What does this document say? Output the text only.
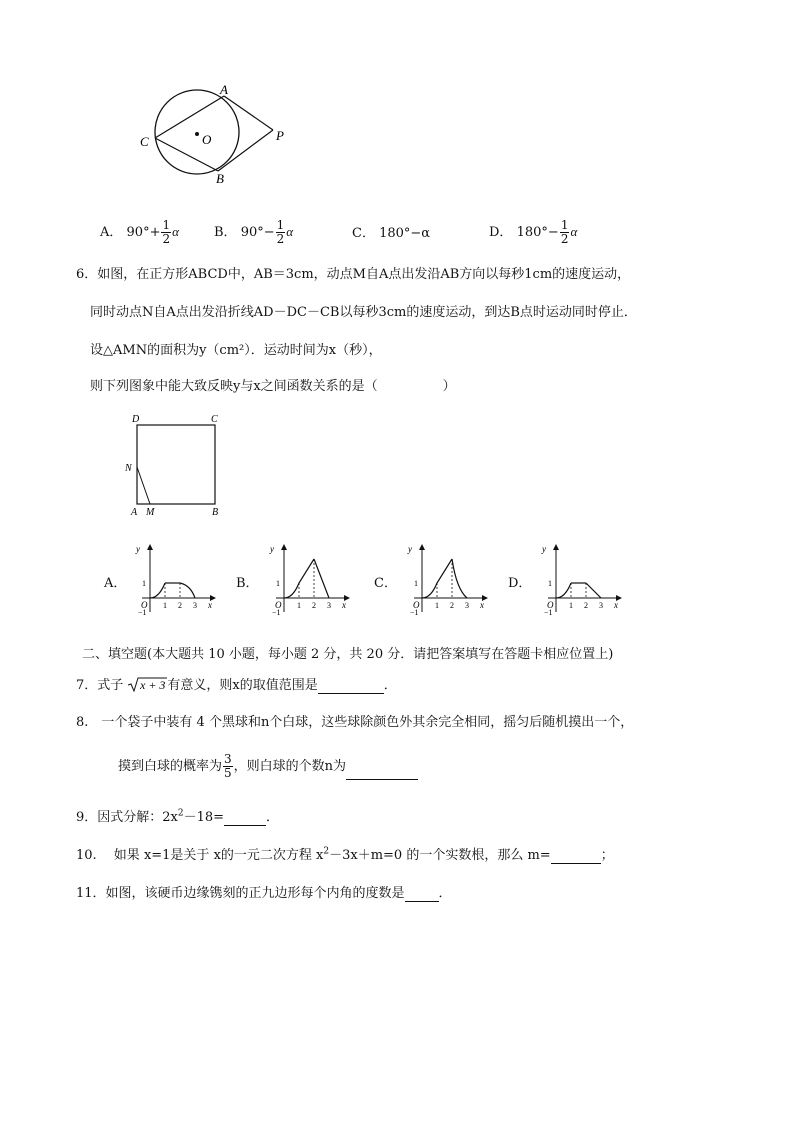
A
C	O	P
B
A． $90^\circ+ \frac{1}{2}$ α	B． $90^\circ- \frac{1}{2}$ α	C． 180°−α	D． $180^\circ- \frac{1}{2}$ α
6．如图，在正方形ABCD中，AB＝3cm，动点M自A点出发沿AB方向以每秒1cm的速度运动，
同时动点N自A点出发沿折线AD－DC－CB以每秒3cm的速度运动，到达B点时运动同时停止．
设△AMN的面积为y（cm²）．运动时间为x（秒），
则下列图象中能大致反映y与x之间函数关系的是（　　　　　）
D	C
N
A M	B
A．	B．	C．	D．
y
x
O
−1
1
1 2 3
y
x
O
−1
1
1 2 3
y
x
O
−1
1
1 2 3
y
x
O
−1
1
1 2 3
二、填空题(本大题共 10 小题，每小题 2 分，共 20 分．请把答案填写在答题卡相应位置上)
7．式子 x + 3 有意义，则x的取值范围是	．
8.　一个袋子中装有 4 个黑球和n个白球，这些球除颜色外其余完全相同，摇匀后随机摸出一个，
摸到白球的概率为 $\frac{3}{5}$ ，则白球的个数n为
9．因式分解：$2x^2-18=$	．
10.　 如果 x=1是关于 x的一元二次方程 $x^2-3x+m=0$ 的一个实数根，那么 m=	；
11．如图，该硬币边缘镌刻的正九边形每个内角的度数是	．
